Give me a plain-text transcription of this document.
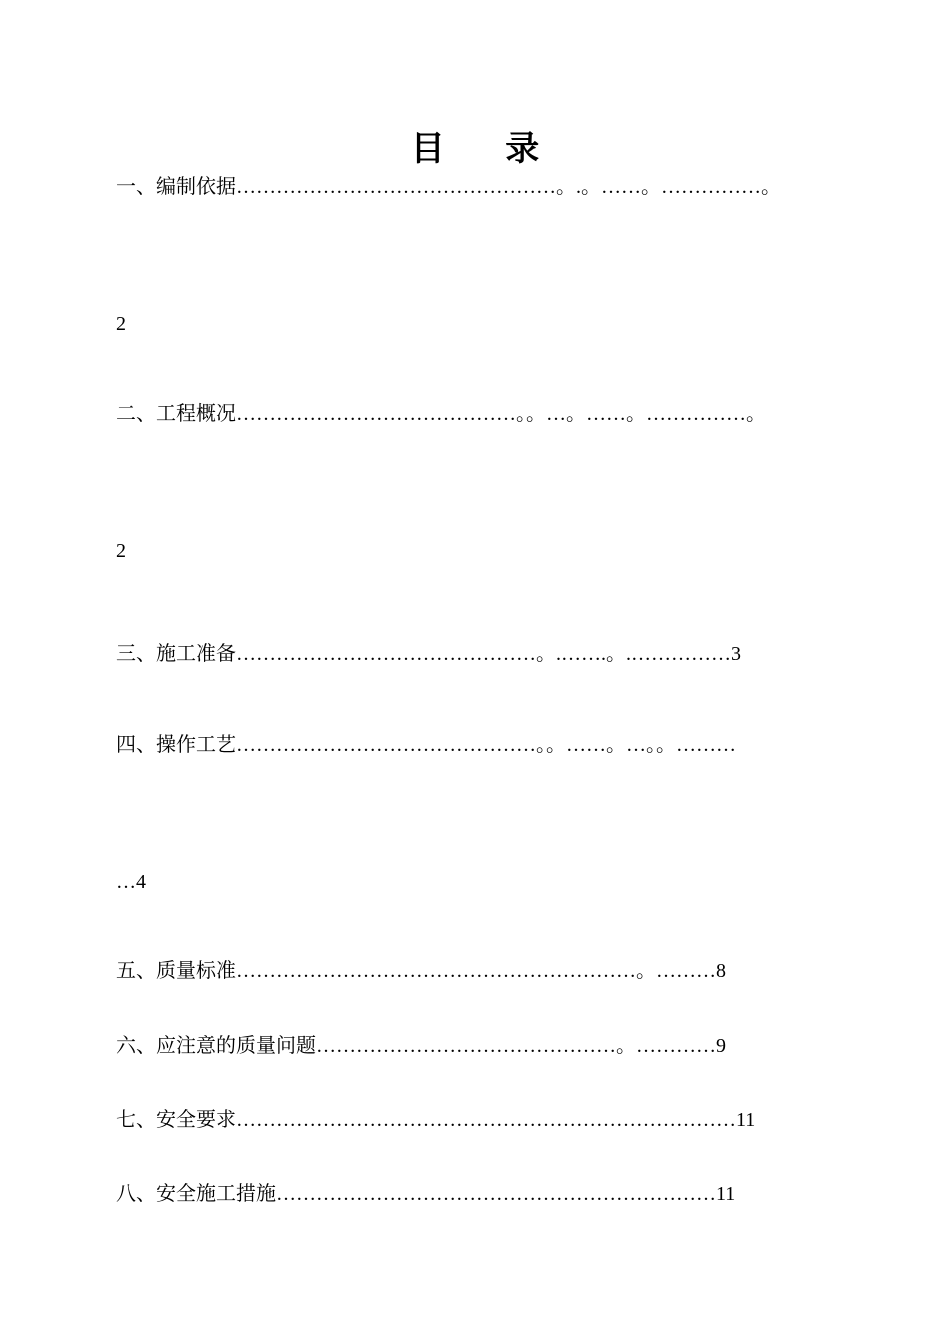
目 录
一、编制依据…………………………………………。.。……。……………。
2
二、工程概况……………………………………。。…。……。……………。
2
三、施工准备………………………………………。.…….。.……………3
四、操作工艺………………………………………。。……。…。。………
…4
五、质量标准……………………………………………………。………8
六、应注意的质量问题………………………………………。…………9
七、安全要求…………………………………………………………………11
八、安全施工措施…………………………………………………………11
